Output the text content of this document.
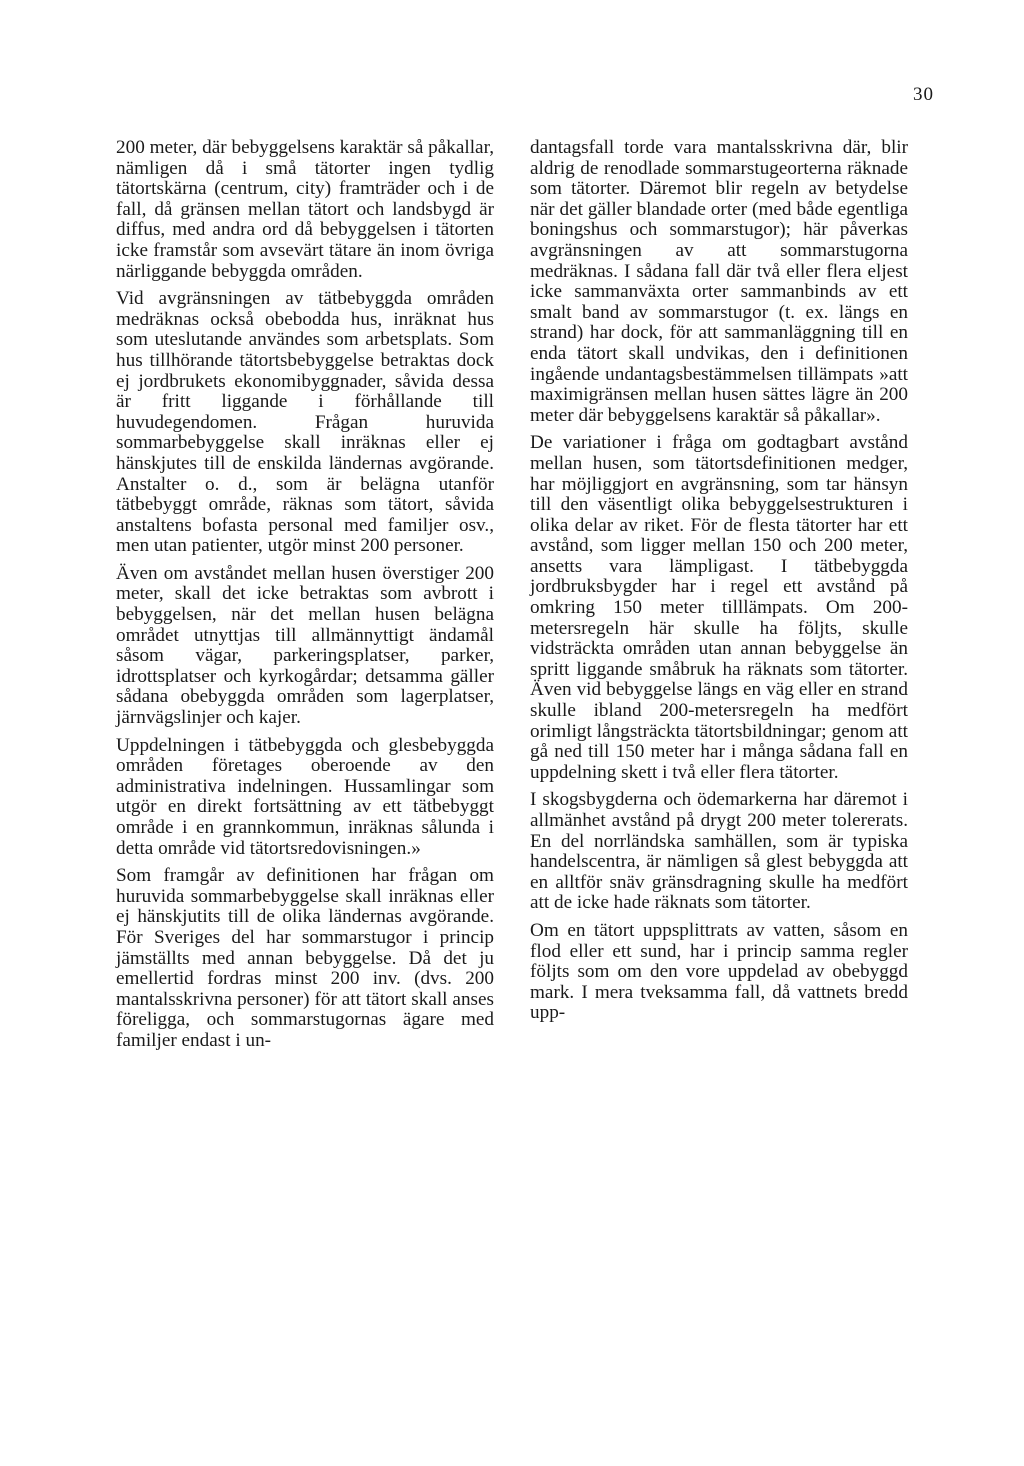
30

200 meter, där bebyggelsens karaktär så påkallar, nämligen då i små tätorter ingen tydlig tätortskärna (centrum, city) framträder och i de fall, då gränsen mellan tätort och landsbygd är diffus, med andra ord då bebyggelsen i tätorten icke framstår som avsevärt tätare än inom övriga närliggande bebyggda områden.

Vid avgränsningen av tätbebyggda områden medräknas också obebodda hus, inräknat hus som uteslutande användes som arbetsplats. Som hus tillhörande tätortsbebyggelse betraktas dock ej jordbrukets ekonomibyggnader, såvida dessa är fritt liggande i förhållande till huvudegendomen. Frågan huruvida sommarbebyggelse skall inräknas eller ej hänskjutes till de enskilda ländernas avgörande. Anstalter o. d., som är belägna utanför tätbebyggt område, räknas som tätort, såvida anstaltens bofasta personal med familjer osv., men utan patienter, utgör minst 200 personer.

Även om avståndet mellan husen överstiger 200 meter, skall det icke betraktas som avbrott i bebyggelsen, när det mellan husen belägna området utnyttjas till allmännyttigt ändamål såsom vägar, parkeringsplatser, parker, idrottsplatser och kyrkogårdar; detsamma gäller sådana obebyggda områden som lagerplatser, järnvägslinjer och kajer.

Uppdelningen i tätbebyggda och glesbebyggda områden företages oberoende av den administrativa indelningen. Hussamlingar som utgör en direkt fortsättning av ett tätbebyggt område i en grannkommun, inräknas sålunda i detta område vid tätortsredovisningen.»

Som framgår av definitionen har frågan om huruvida sommarbebyggelse skall inräknas eller ej hänskjutits till de olika ländernas avgörande. För Sveriges del har sommarstugor i princip jämställts med annan bebyggelse. Då det ju emellertid fordras minst 200 inv. (dvs. 200 mantalsskrivna personer) för att tätort skall anses föreligga, och sommarstugornas ägare med familjer endast i un-

dantagsfall torde vara mantalsskrivna där, blir aldrig de renodlade sommarstugeorterna räknade som tätorter. Däremot blir regeln av betydelse när det gäller blandade orter (med både egentliga boningshus och sommarstugor); här påverkas avgränsningen av att sommarstugorna medräknas. I sådana fall där två eller flera eljest icke sammanväxta orter sammanbinds av ett smalt band av sommarstugor (t. ex. längs en strand) har dock, för att sammanläggning till en enda tätort skall undvikas, den i definitionen ingående undantagsbestämmelsen tillämpats »att maximigränsen mellan husen sättes lägre än 200 meter där bebyggelsens karaktär så påkallar».

De variationer i fråga om godtagbart avstånd mellan husen, som tätortsdefinitionen medger, har möjliggjort en avgränsning, som tar hänsyn till den väsentligt olika bebyggelsestrukturen i olika delar av riket. För de flesta tätorter har ett avstånd, som ligger mellan 150 och 200 meter, ansetts vara lämpligast. I tätbebyggda jordbruksbygder har i regel ett avstånd på omkring 150 meter tilllämpats. Om 200-metersregeln här skulle ha följts, skulle vidsträckta områden utan annan bebyggelse än spritt liggande småbruk ha räknats som tätorter. Även vid bebyggelse längs en väg eller en strand skulle ibland 200-metersregeln ha medfört orimligt långsträckta tätortsbildningar; genom att gå ned till 150 meter har i många sådana fall en uppdelning skett i två eller flera tätorter.

I skogsbygderna och ödemarkerna har däremot i allmänhet avstånd på drygt 200 meter tolererats. En del norrländska samhällen, som är typiska handelscentra, är nämligen så glest bebyggda att en alltför snäv gränsdragning skulle ha medfört att de icke hade räknats som tätorter.

Om en tätort uppsplittrats av vatten, såsom en flod eller ett sund, har i princip samma regler följts som om den vore uppdelad av obebyggd mark. I mera tveksamma fall, då vattnets bredd upp-
